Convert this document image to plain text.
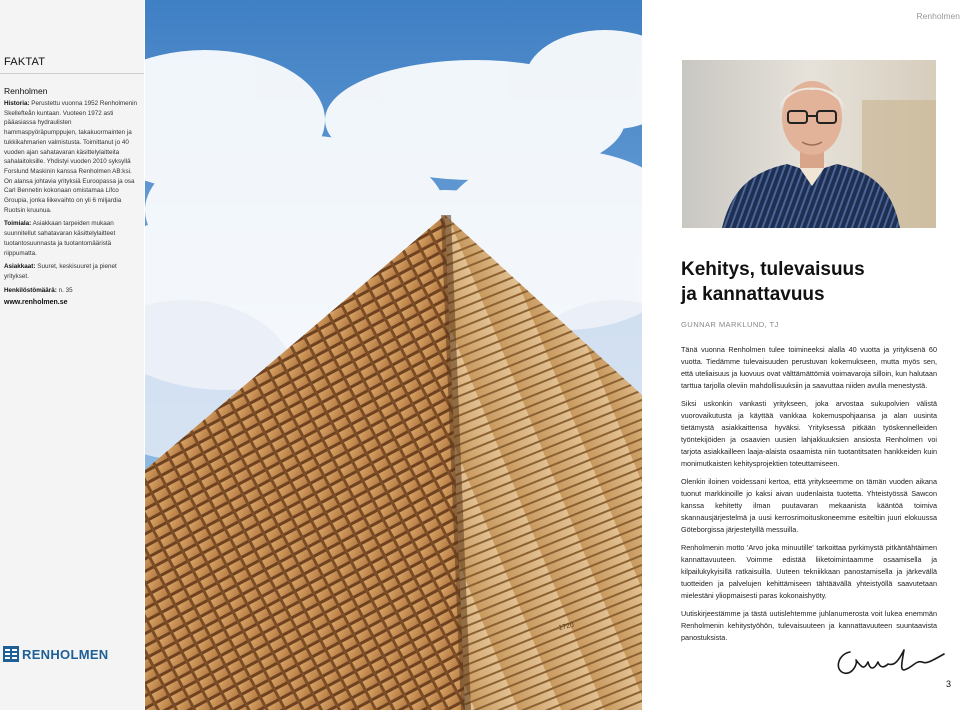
FAKTAT
Renholmen

Historia: Perustettu vuonna 1952 Renholmenin Skellefteån kuntaan. Vuoteen 1972 asti pääasiassa hydraulisten hammaspyöräpumppujen, takakuormainten ja tukkikahmarien valmistusta. Toimittanut jo 40 vuoden ajan sahatavaran käsittelylaitteita sahalaitoksille. Yhdistyi vuoden 2010 syksyllä Forslund Maskinin kanssa Renholmen AB:ksi. On alansa johtavia yrityksiä Euroopassa ja osa Carl Bennetin kokonaan omistamaa Lifco Groupia, jonka liikevaihto on yli 6 miljardia Ruotsin kruunua.

Toimiala: Asiakkaan tarpeiden mukaan suunnitellut sahatavaran käsittelylaitteet tuotantosuunnasta ja tuotantomääristä riippumatta.

Asiakkaat: Suuret, keskisuuret ja pienet yritykset.

Henkilöstömäärä: n. 35

www.renholmen.se
RENHOLMEN
1720
Renholmen
Kehitys, tulevaisuus
ja kannattavuus
GUNNAR MARKLUND, TJ

Tänä vuonna Renholmen tulee toimineeksi alalla 40 vuotta ja yrityksenä 60 vuotta. Tiedämme tulevaisuuden perustuvan kokemukseen, mutta myös sen, että uteliaisuus ja luovuus ovat välttämättömiä voimavaroja silloin, kun halutaan tarttua tarjolla oleviin mahdollisuuksiin ja saavuttaa niiden avulla menestystä.

Siksi uskonkin vankasti yritykseen, joka arvostaa sukupolvien välistä vuorovaikutusta ja käyttää vankkaa kokemuspohjaansa ja alan uusinta tietämystä asiakkaittensa hyväksi. Yrityksessä pitkään työskennelleiden työntekijöiden ja osaavien uusien lahjakkuuksien ansiosta Renholmen voi tarjota asiakkailleen laaja-alaista osaamista niin tuotantitsaten hankkeiden kuin monimutkaisten kehitysprojektien toteuttamiseen.

Olenkin iloinen voidessani kertoa, että yritykseemme on tämän vuoden aikana tuonut markkinoille jo kaksi aivan uudenlaista tuotetta. Yhteistyössä Sawcon kanssa kehitetty ilman puutavaran mekaanista kääntöä toimiva skannausjärjestelmä ja uusi kerrosrimoituskoneemme esiteltiin juuri elokuussa Göteborgissa järjestetyillä messuilla.

Renholmenin motto 'Arvo joka minuutille' tarkoittaa pyrkimystä pitkäntähtäimen kannattavuuteen. Voimme edistää liiketoimintaamme osaamisella ja kilpailukykyisillä ratkaisuilla. Uuteen tekniikkaan panostamisella ja järkevällä tuotteiden ja palvelujen kehittämiseen tähtäävällä yhteistyöllä saavutetaan mielestäni yliopmaisesti paras kokonaishyöty.

Uutiskirjeestämme ja tästä uutislehtemme juhlanumerosta voit lukea enemmän Renholmenin kehitystyöhön, tulevaisuuteen ja kannattavuuteen suuntaavista panostuksista.

3
